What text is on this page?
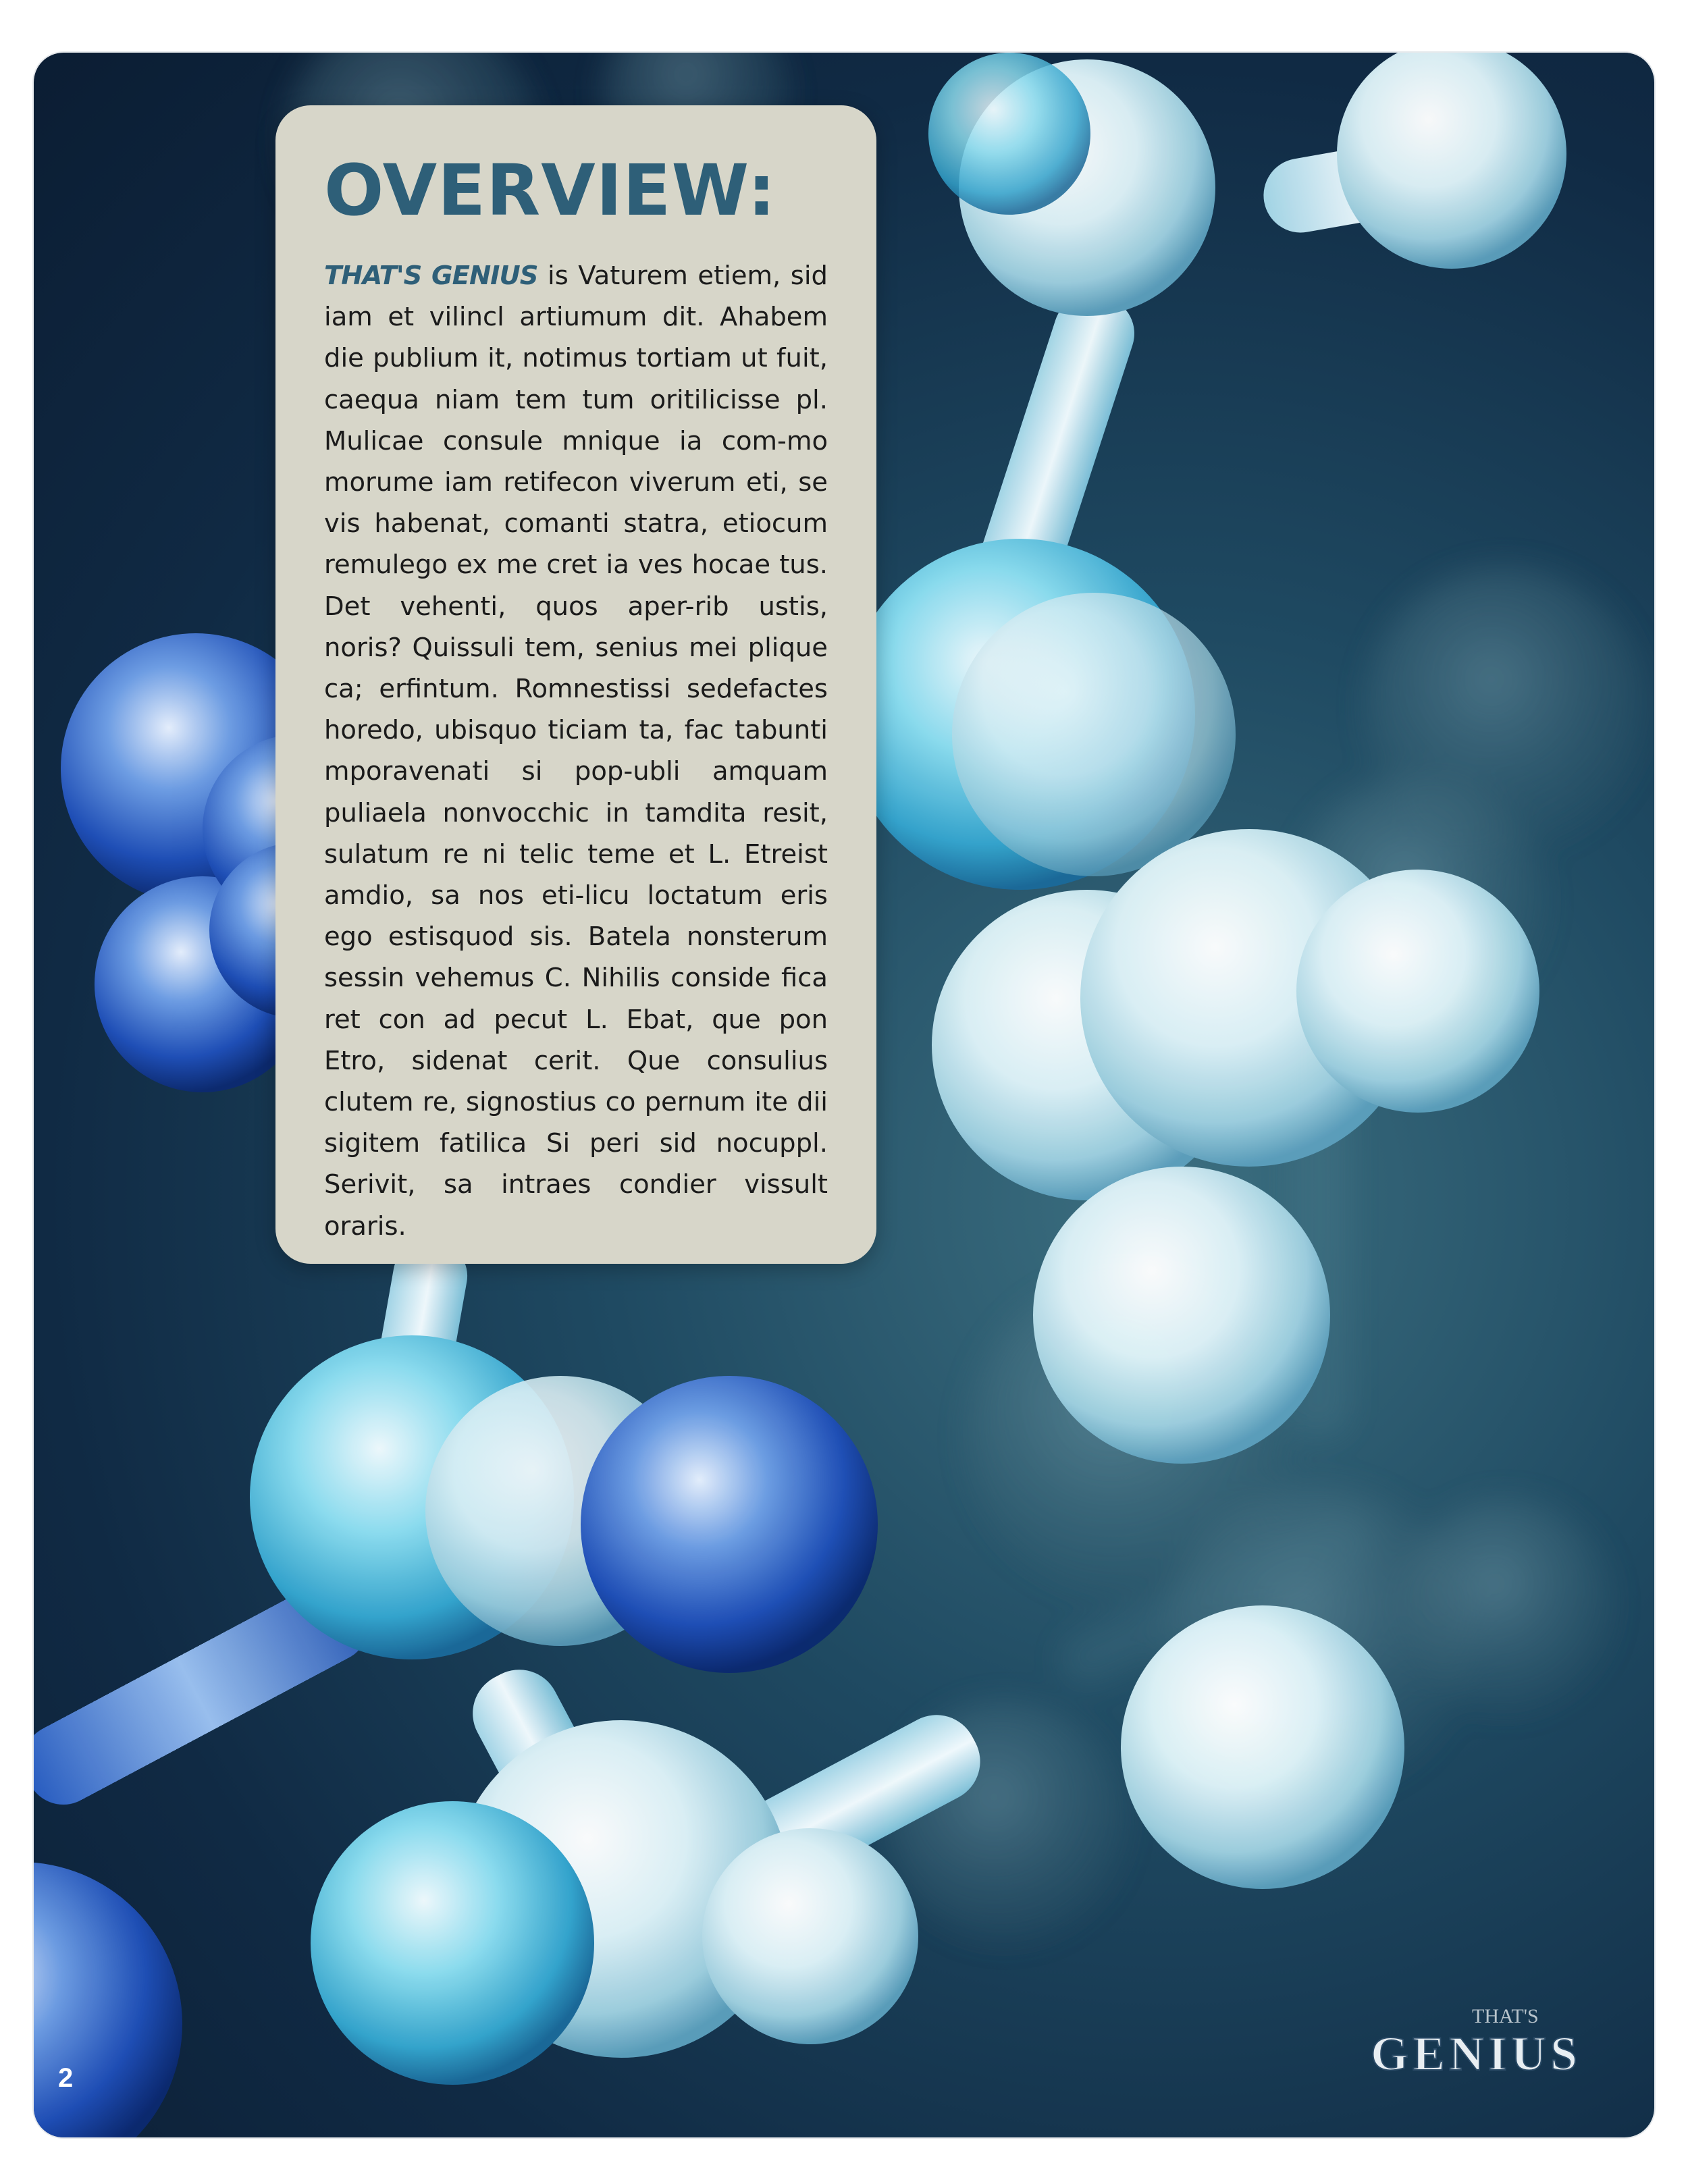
OVERVIEW:

THAT'S GENIUS is Vaturem etiem, sid iam et vilincl artiumum dit. Ahabem die publium it, notimus tortiam ut fuit, caequa niam tem tum oritilicisse pl. Mulicae consule mnique ia com-mo morume iam retifecon viverum eti, se vis habenat, comanti statra, etiocum remulego ex me cret ia ves hocae tus. Det vehenti, quos aper-rib ustis, noris? Quissuli tem, senius mei plique ca; erfintum. Romnestissi sedefactes horedo, ubisquo ticiam ta, fac tabunti mporavenati si pop-ubli amquam puliaela nonvocchic in tamdita resit, sulatum re ni telic teme et L. Etreist amdio, sa nos eti-licu loctatum eris ego estisquod sis. Batela nonsterum sessin vehemus C. Nihilis conside fica ret con ad pecut L. Ebat, que pon Etro, sidenat cerit. Que consulius clutem re, signostius co pernum ite dii sigitem fatilica Si peri sid nocuppl. Serivit, sa intraes condier vissult oraris.

2
THAT'S
GENIUS
